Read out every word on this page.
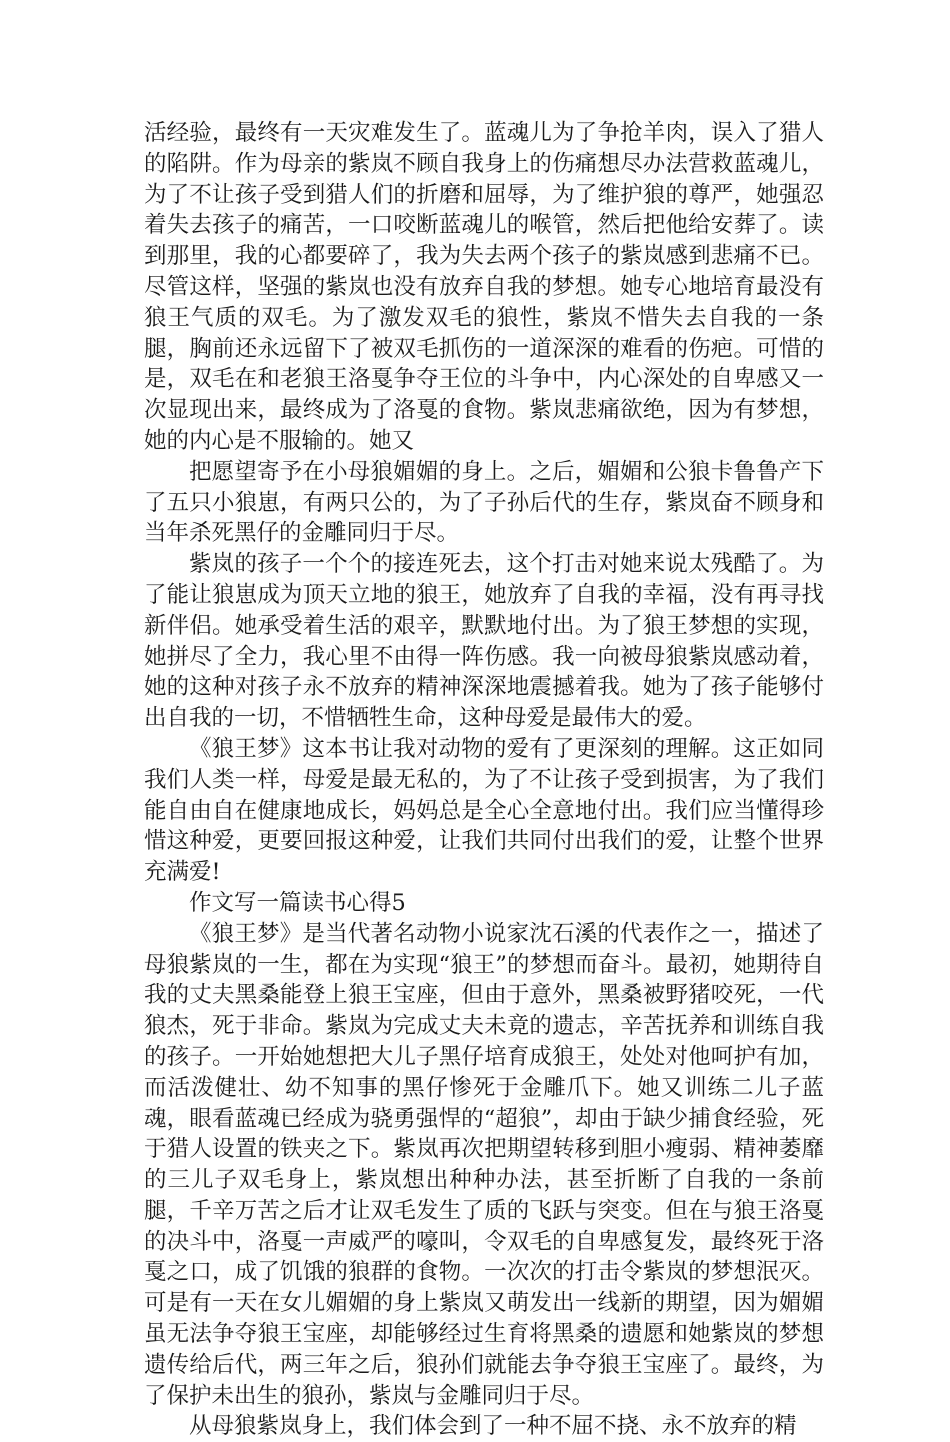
活经验，最终有一天灾难发生了。蓝魂儿为了争抢羊肉，误入了猎人的陷阱。作为母亲的紫岚不顾自我身上的伤痛想尽办法营救蓝魂儿，为了不让孩子受到猎人们的折磨和屈辱，为了维护狼的尊严，她强忍着失去孩子的痛苦，一口咬断蓝魂儿的喉管，然后把他给安葬了。读到那里，我的心都要碎了，我为失去两个孩子的紫岚感到悲痛不已。尽管这样，坚强的紫岚也没有放弃自我的梦想。她专心地培育最没有狼王气质的双毛。为了激发双毛的狼性，紫岚不惜失去自我的一条腿，胸前还永远留下了被双毛抓伤的一道深深的难看的伤疤。可惜的是，双毛在和老狼王洛戛争夺王位的斗争中，内心深处的自卑感又一次显现出来，最终成为了洛戛的食物。紫岚悲痛欲绝，因为有梦想，她的内心是不服输的。她又

把愿望寄予在小母狼媚媚的身上。之后，媚媚和公狼卡鲁鲁产下了五只小狼崽，有两只公的，为了子孙后代的生存，紫岚奋不顾身和当年杀死黑仔的金雕同归于尽。

紫岚的孩子一个个的接连死去，这个打击对她来说太残酷了。为了能让狼崽成为顶天立地的狼王，她放弃了自我的幸福，没有再寻找新伴侣。她承受着生活的艰辛，默默地付出。为了狼王梦想的实现，她拼尽了全力，我心里不由得一阵伤感。我一向被母狼紫岚感动着，她的这种对孩子永不放弃的精神深深地震撼着我。她为了孩子能够付出自我的一切，不惜牺牲生命，这种母爱是最伟大的爱。

《狼王梦》这本书让我对动物的爱有了更深刻的理解。这正如同我们人类一样，母爱是最无私的，为了不让孩子受到损害，为了我们能自由自在健康地成长，妈妈总是全心全意地付出。我们应当懂得珍惜这种爱，更要回报这种爱，让我们共同付出我们的爱，让整个世界充满爱!

作文写一篇读书心得5

《狼王梦》是当代著名动物小说家沈石溪的代表作之一，描述了母狼紫岚的一生，都在为实现“狼王”的梦想而奋斗。最初，她期待自我的丈夫黑桑能登上狼王宝座，但由于意外，黑桑被野猪咬死，一代狼杰，死于非命。紫岚为完成丈夫未竟的遗志，辛苦抚养和训练自我的孩子。一开始她想把大儿子黑仔培育成狼王，处处对他呵护有加，而活泼健壮、幼不知事的黑仔惨死于金雕爪下。她又训练二儿子蓝魂，眼看蓝魂已经成为骁勇强悍的“超狼”，却由于缺少捕食经验，死于猎人设置的铁夹之下。紫岚再次把期望转移到胆小瘦弱、精神萎靡的三儿子双毛身上，紫岚想出种种办法，甚至折断了自我的一条前腿，千辛万苦之后才让双毛发生了质的飞跃与突变。但在与狼王洛戛的决斗中，洛戛一声威严的嚎叫，令双毛的自卑感复发，最终死于洛戛之口，成了饥饿的狼群的食物。一次次的打击令紫岚的梦想泯灭。可是有一天在女儿媚媚的身上紫岚又萌发出一线新的期望，因为媚媚虽无法争夺狼王宝座，却能够经过生育将黑桑的遗愿和她紫岚的梦想遗传给后代，两三年之后，狼孙们就能去争夺狼王宝座了。最终，为了保护未出生的狼孙，紫岚与金雕同归于尽。

从母狼紫岚身上，我们体会到了一种不屈不挠、永不放弃的精
